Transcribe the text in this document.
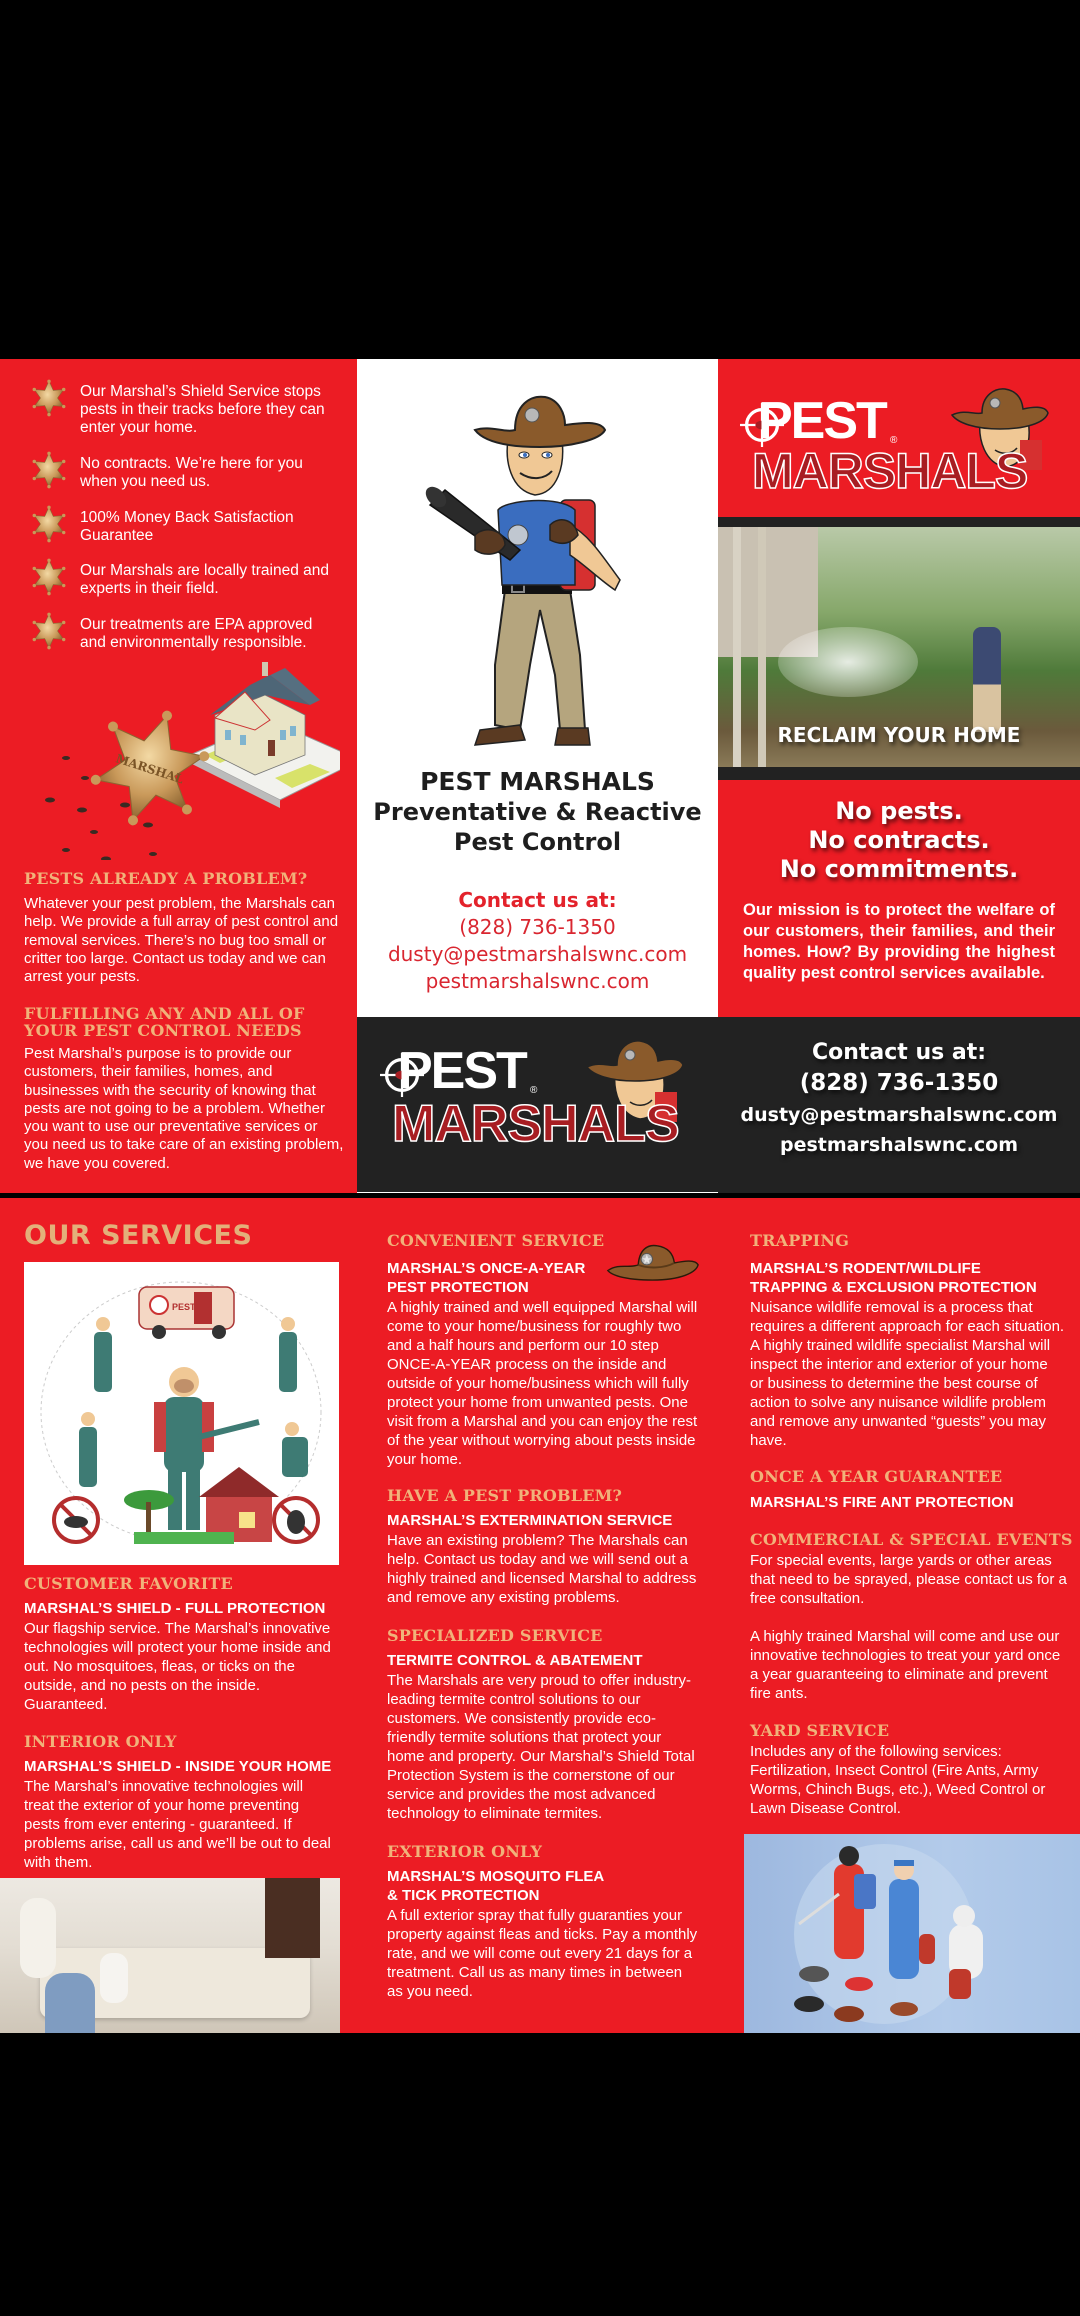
Our Marshal’s Shield Service stops pests in their tracks before they can enter your home.
No contracts. We’re here for you when you need us.
100% Money Back Satisfaction Guarantee
Our Marshals are locally trained and experts in their field.
Our treatments are EPA approved and environmentally responsible.
MARSHAL
PESTS ALREADY A PROBLEM?
Whatever your pest problem, the Marshals can help. We provide a full array of pest control and removal services. There’s no bug too small or critter too large. Contact us today and we can arrest your pests.
FULFILLING ANY AND ALL OF YOUR PEST CONTROL NEEDS
Pest Marshal’s purpose is to provide our customers, their families, homes, and businesses with the security of knowing that pests are not going to be a problem. Whether you want to use our preventative services or you need us to take care of an existing problem, we have you covered.
PEST MARSHALS
Preventative & Reactive
Pest Control
Contact us at:
(828) 736-1350
dusty@pestmarshalswnc.com
pestmarshalswnc.com
PEST ®
MARSHALS
RECLAIM YOUR HOME
No pests.
No contracts.
No commitments.
Our mission is to protect the welfare of our customers, their families, and their homes. How? By providing the highest quality pest control services available.
PEST ®
MARSHALS
Contact us at:
(828) 736-1350
dusty@pestmarshalswnc.com
pestmarshalswnc.com
OUR SERVICES
PEST
CUSTOMER FAVORITE
MARSHAL’S SHIELD - FULL PROTECTION
Our flagship service. The Marshal’s innovative technologies will protect your home inside and out. No mosquitoes, fleas, or ticks on the outside, and no pests on the inside. Guaranteed.
INTERIOR ONLY
MARSHAL’S SHIELD - INSIDE YOUR HOME
The Marshal’s innovative technologies will treat the exterior of your home preventing pests from ever entering - guaranteed. If problems arise, call us and we’ll be out to deal with them.
CONVENIENT SERVICE
MARSHAL’S ONCE-A-YEAR
PEST PROTECTION
A highly trained and well equipped Marshal will come to your home/business for roughly two and a half hours and perform our 10 step ONCE-A-YEAR process on the inside and outside of your home/business which will fully protect your home from unwanted pests. One visit from a Marshal and you can enjoy the rest of the year without worrying about pests inside your home.
HAVE A PEST PROBLEM?
MARSHAL’S EXTERMINATION SERVICE
Have an existing problem? The Marshals can help. Contact us today and we will send out a highly trained and licensed Marshal to address and remove any existing problems.
SPECIALIZED SERVICE
TERMITE CONTROL & ABATEMENT
The Marshals are very proud to offer industry-leading termite control solutions to our customers. We consistently provide eco-friendly termite solutions that protect your home and property. Our Marshal’s Shield Total Protection System is the cornerstone of our service and provides the most advanced technology to eliminate termites.
EXTERIOR ONLY
MARSHAL’S MOSQUITO FLEA
& TICK PROTECTION
A full exterior spray that fully guaranties your property against fleas and ticks. Pay a monthly rate, and we will come out every 21 days for a treatment. Call us as many times in between as you need.
TRAPPING
MARSHAL’S RODENT/WILDLIFE
TRAPPING & EXCLUSION PROTECTION
Nuisance wildlife removal is a process that requires a different approach for each situation. A highly trained wildlife specialist Marshal will inspect the interior and exterior of your home or business to determine the best course of action to solve any nuisance wildlife problem and remove any unwanted “guests” you may have.
ONCE A YEAR GUARANTEE
MARSHAL’S FIRE ANT PROTECTION
COMMERCIAL & SPECIAL EVENTS
For special events, large yards or other areas that need to be sprayed, please contact us for a free consultation.
A highly trained Marshal will come and use our innovative technologies to treat your yard once a year guaranteeing to eliminate and prevent fire ants.
YARD SERVICE
Includes any of the following services: Fertilization, Insect Control (Fire Ants, Army Worms, Chinch Bugs, etc.), Weed Control or Lawn Disease Control.
